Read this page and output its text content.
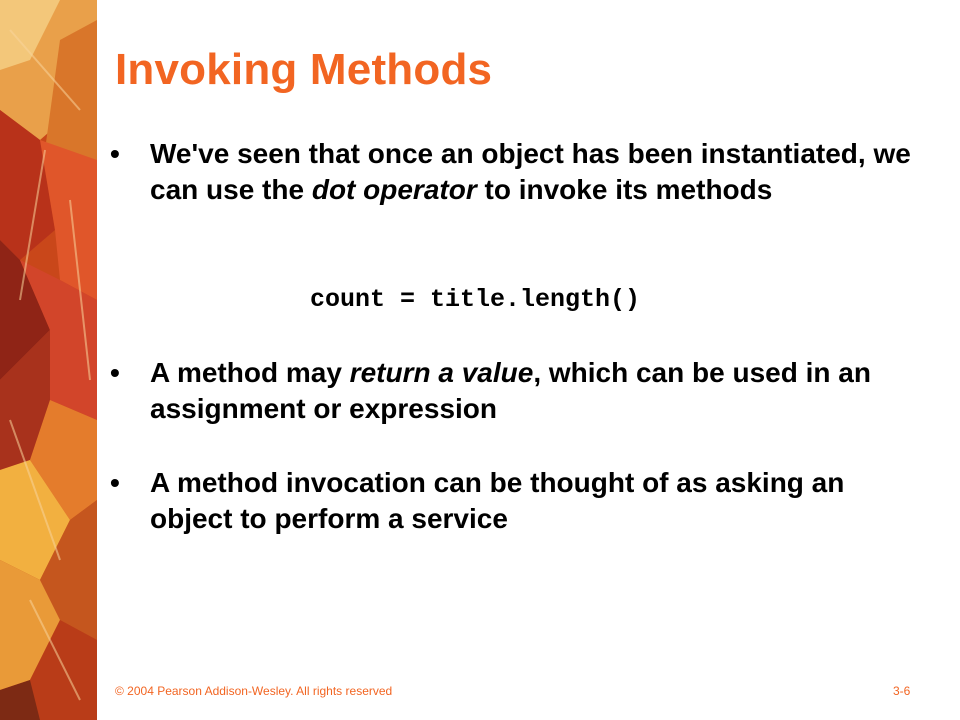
Invoking Methods
•	We've seen that once an object has been instantiated, we can use the dot operator to invoke its methods
count = title.length()
•	A method may return a value, which can be used in an assignment or expression
•	A method invocation can be thought of as asking an object to perform a service
© 2004 Pearson Addison-Wesley. All rights reserved	3-6
